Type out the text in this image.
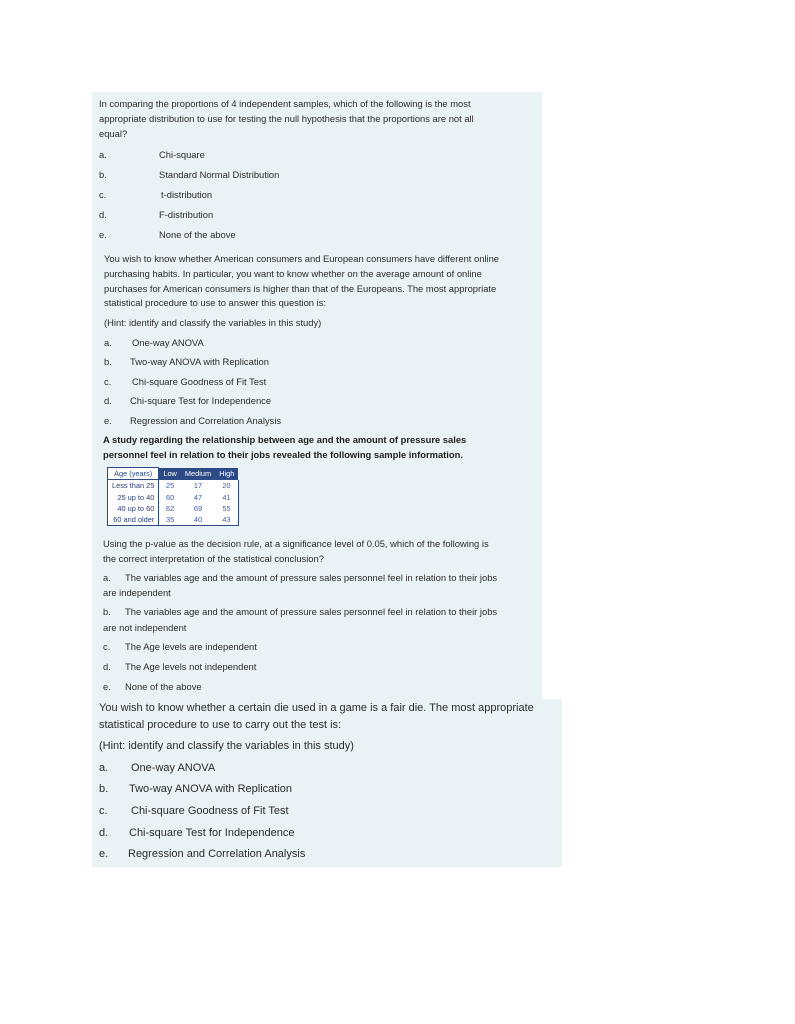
In comparing the proportions of 4 independent samples, which of the following is the most
appropriate distribution to use for testing the null hypothesis that the proportions are not all
equal?
a.	Chi-square
b.	Standard Normal Distribution
c.	t-distribution
d.	F-distribution
e.	None of the above
You wish to know whether American consumers and European consumers have different online
purchasing habits. In particular, you want to know whether on the average amount of online
purchases for American consumers is higher than that of the Europeans. The most appropriate
statistical procedure to use to answer this question is:
(Hint: identify and classify the variables in this study)
a. One-way ANOVA
b. Two-way ANOVA with Replication
c. Chi-square Goodness of Fit Test
d. Chi-square Test for Independence
e. Regression and Correlation Analysis
A study regarding the relationship between age and the amount of pressure sales
personnel feel in relation to their jobs revealed the following sample information.
Age (years)	Low	Medium	High
Less than 25	25	17	20
25 up to 40	60	47	41
40 up to 60	62	69	55
60 and older	35	40	43
Using the p-value as the decision rule, at a significance level of 0.05, which of the following is
the correct interpretation of the statistical conclusion?
a. The variables age and the amount of pressure sales personnel feel in relation to their jobs
are independent
b. The variables age and the amount of pressure sales personnel feel in relation to their jobs
are not independent
c. The Age levels are independent
d. The Age levels not independent
e. None of the above
You wish to know whether a certain die used in a game is a fair die. The most appropriate
statistical procedure to use to carry out the test is:
(Hint: identify and classify the variables in this study)
a. One-way ANOVA
b. Two-way ANOVA with Replication
c. Chi-square Goodness of Fit Test
d. Chi-square Test for Independence
e. Regression and Correlation Analysis
